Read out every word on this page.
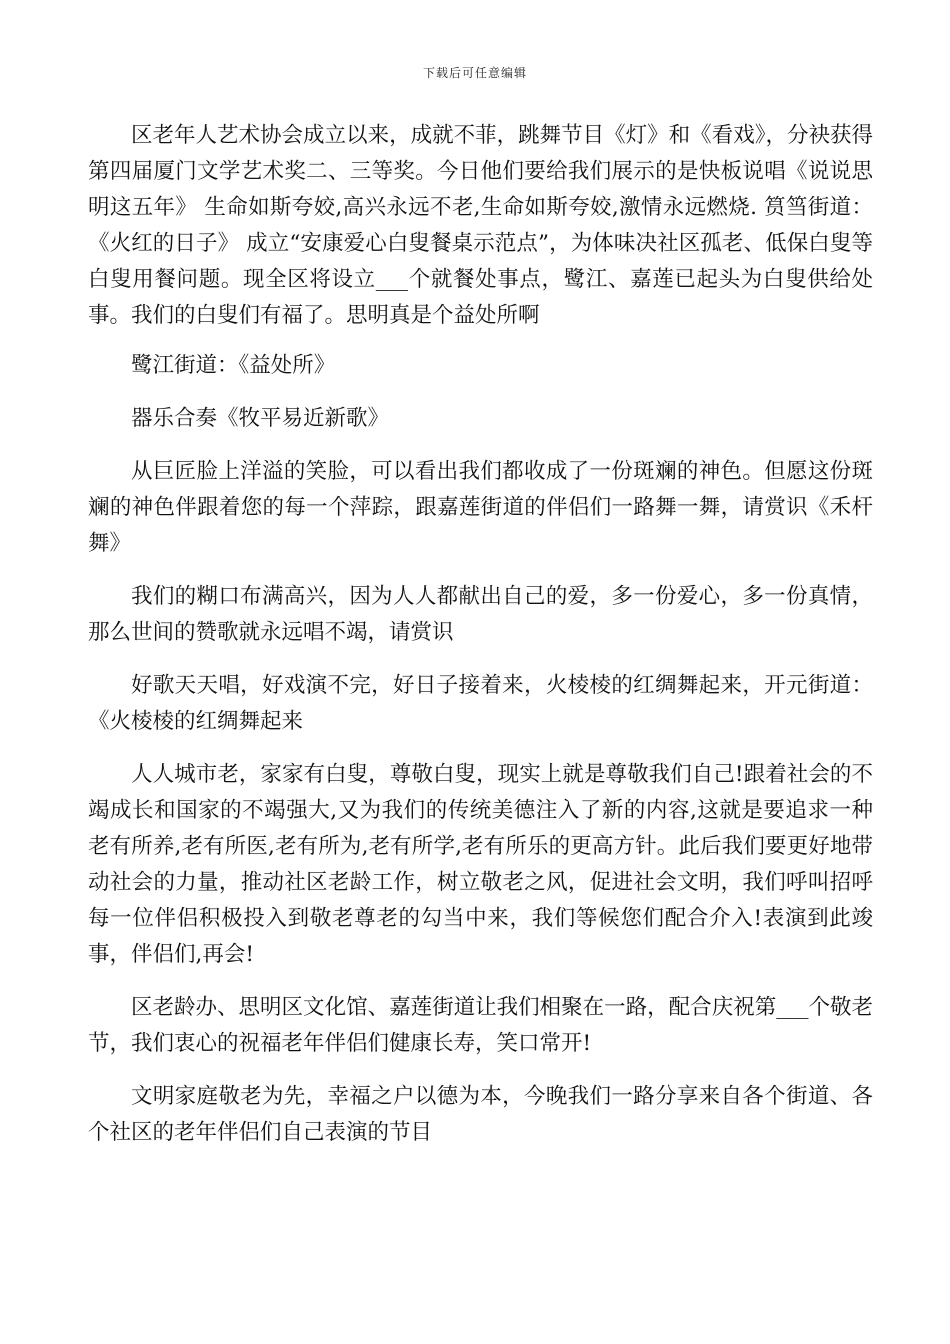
下载后可任意编辑

区老年人艺术协会成立以来，成就不菲，跳舞节目《灯》和《看戏》，分袂获得第四届厦门文学艺术奖二、三等奖。今日他们要给我们展示的是快板说唱《说说思明这五年》 生命如斯夸姣,高兴永远不老,生命如斯夸姣,激情永远燃烧. 筼筜街道：《火红的日子》 成立“安康爱心白叟餐桌示范点”，为体味决社区孤老、低保白叟等白叟用餐问题。现全区将设立___个就餐处事点，鹭江、嘉莲已起头为白叟供给处事。我们的白叟们有福了。思明真是个益处所啊

鹭江街道：《益处所》

器乐合奏《牧平易近新歌》

从巨匠脸上洋溢的笑脸，可以看出我们都收成了一份斑斓的神色。但愿这份斑斓的神色伴跟着您的每一个萍踪，跟嘉莲街道的伴侣们一路舞一舞，请赏识《禾杆舞》

我们的糊口布满高兴，因为人人都献出自己的爱，多一份爱心，多一份真情，那么世间的赞歌就永远唱不竭，请赏识

好歌天天唱，好戏演不完，好日子接着来，火棱棱的红绸舞起来，开元街道：《火棱棱的红绸舞起来

人人城市老，家家有白叟，尊敬白叟，现实上就是尊敬我们自己!跟着社会的不竭成长和国家的不竭强大,又为我们的传统美德注入了新的内容,这就是要追求一种老有所养,老有所医,老有所为,老有所学,老有所乐的更高方针。此后我们要更好地带动社会的力量，推动社区老龄工作，树立敬老之风，促进社会文明，我们呼叫招呼每一位伴侣积极投入到敬老尊老的勾当中来，我们等候您们配合介入!表演到此竣事，伴侣们,再会!

区老龄办、思明区文化馆、嘉莲街道让我们相聚在一路，配合庆祝第___个敬老节，我们衷心的祝福老年伴侣们健康长寿，笑口常开!

文明家庭敬老为先，幸福之户以德为本，今晚我们一路分享来自各个街道、各个社区的老年伴侣们自己表演的节目
